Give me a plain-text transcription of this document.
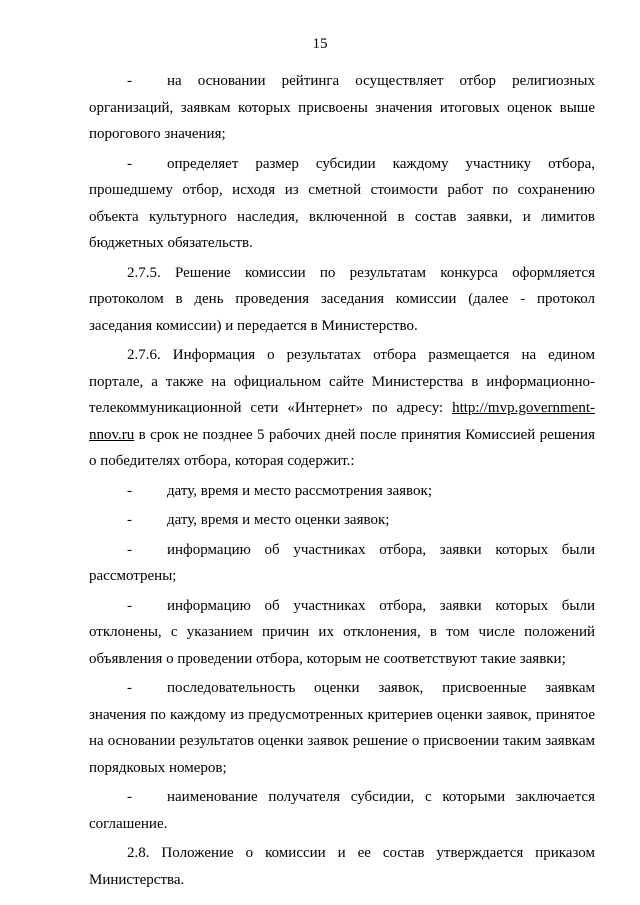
15

- на основании рейтинга осуществляет отбор религиозных организаций, заявкам которых присвоены значения итоговых оценок выше порогового значения;

- определяет размер субсидии каждому участнику отбора, прошедшему отбор, исходя из сметной стоимости работ по сохранению объекта культурного наследия, включенной в состав заявки, и лимитов бюджетных обязательств.

2.7.5. Решение комиссии по результатам конкурса оформляется протоколом в день проведения заседания комиссии (далее - протокол заседания комиссии) и передается в Министерство.

2.7.6. Информация о результатах отбора размещается на едином портале, а также на официальном сайте Министерства в информационно-телекоммуникационной сети «Интернет» по адресу: http://mvp.government-nnov.ru в срок не позднее 5 рабочих дней после принятия Комиссией решения о победителях отбора, которая содержит.:

- дату, время и место рассмотрения заявок;

- дату, время и место оценки заявок;

- информацию об участниках отбора, заявки которых были рассмотрены;

- информацию об участниках отбора, заявки которых были отклонены, с указанием причин их отклонения, в том числе положений объявления о проведении отбора, которым не соответствуют такие заявки;

- последовательность оценки заявок, присвоенные заявкам значения по каждому из предусмотренных критериев оценки заявок, принятое на основании результатов оценки заявок решение о присвоении таким заявкам порядковых номеров;

- наименование получателя субсидии, с которыми заключается соглашение.

2.8. Положение о комиссии и ее состав утверждается приказом Министерства.
